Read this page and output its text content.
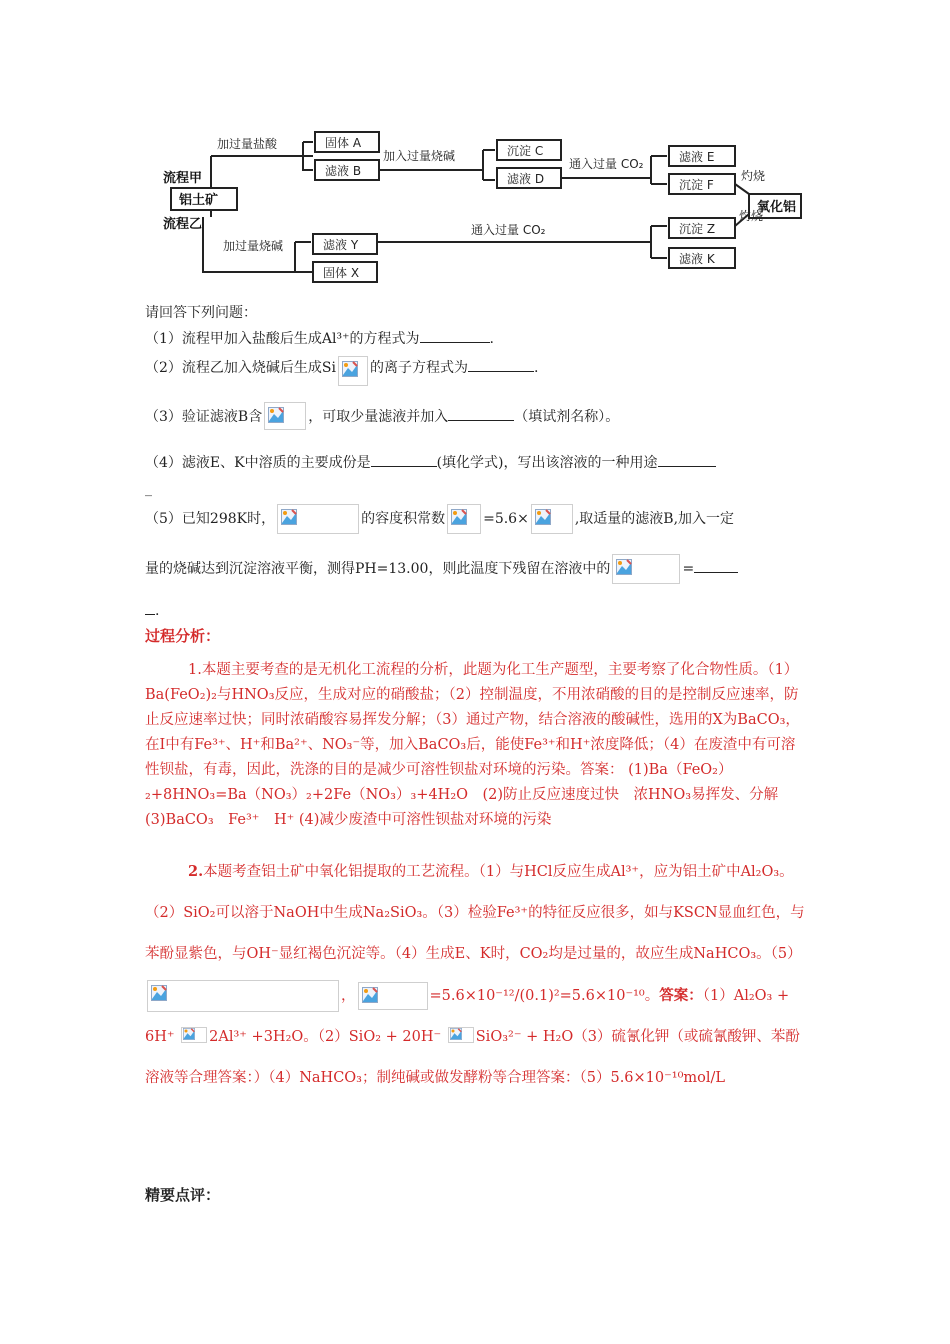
流程甲
铝土矿
流程乙
加过量盐酸	固体 A
滤液 B
加入过量烧碱	沉淀 C
滤液 D
通入过量 CO₂	滤液 E
沉淀 F
灼烧
氧化铝
加过量烧碱	滤液 Y
固体 X
通入过量 CO₂	沉淀 Z
滤液 K
灼烧
请回答下列问题：
（1）流程甲加入盐酸后生成Al³⁺的方程式为	.
（2）流程乙加入烧碱后生成Si 的离子方程式为	.
（3）验证滤液B含	，可取少量滤液并加入	（填试剂名称）。
（4）滤液E、K中溶质的主要成份是	(填化学式)，写出该溶液的一种用途
_
（5）已知298K时，	的容度积常数	=5.6×	,取适量的滤液B,加入一定
量的烧碱达到沉淀溶液平衡，测得PH=13.00，则此温度下残留在溶液中的	=
.
过程分析：
1.本题主要考查的是无机化工流程的分析，此题为化工生产题型，主要考察了化合物性质。（1）Ba(FeO₂)₂与HNO₃反应，生成对应的硝酸盐；（2）控制温度，不用浓硝酸的目的是控制反应速率，防止反应速率过快；同时浓硝酸容易挥发分解；（3）通过产物，结合溶液的酸碱性，选用的X为BaCO₃，在Ⅰ中有Fe³⁺、H⁺和Ba²⁺、NO₃⁻等，加入BaCO₃后，能使Fe³⁺和H⁺浓度降低；（4）在废渣中有可溶性钡盐，有毒，因此，洗涤的目的是减少可溶性钡盐对环境的污染。答案： (1)Ba（FeO₂）₂+8HNO₃=Ba（NO₃）₂+2Fe（NO₃）₃+4H₂O　(2)防止反应速度过快　浓HNO₃易挥发、分解 (3)BaCO₃　Fe³⁺　H⁺ (4)减少废渣中可溶性钡盐对环境的污染
2.本题考查铝土矿中氧化铝提取的工艺流程。（1）与HCl反应生成Al³⁺，应为铝土矿中Al₂O₃。（2）SiO₂可以溶于NaOH中生成Na₂SiO₃。（3）检验Fe³⁺的特征反应很多，如与KSCN显血红色，与苯酚显紫色，与OH⁻显红褐色沉淀等。（4）生成E、K时，CO₂均是过量的，故应生成NaHCO₃。（5）
，	=5.6×10⁻¹²/(0.1)²=5.6×10⁻¹⁰。答案：（1）Al₂O₃ + 6H⁺
2Al³⁺ +3H₂O。（2）SiO₂ + 20H⁻
SiO₃²⁻ + H₂O（3）硫氰化钾（或硫氰酸钾、苯酚溶液等合理答案：）（4）NaHCO₃；制纯碱或做发酵粉等合理答案：（5）5.6×10⁻¹⁰mol/L
精要点评：
